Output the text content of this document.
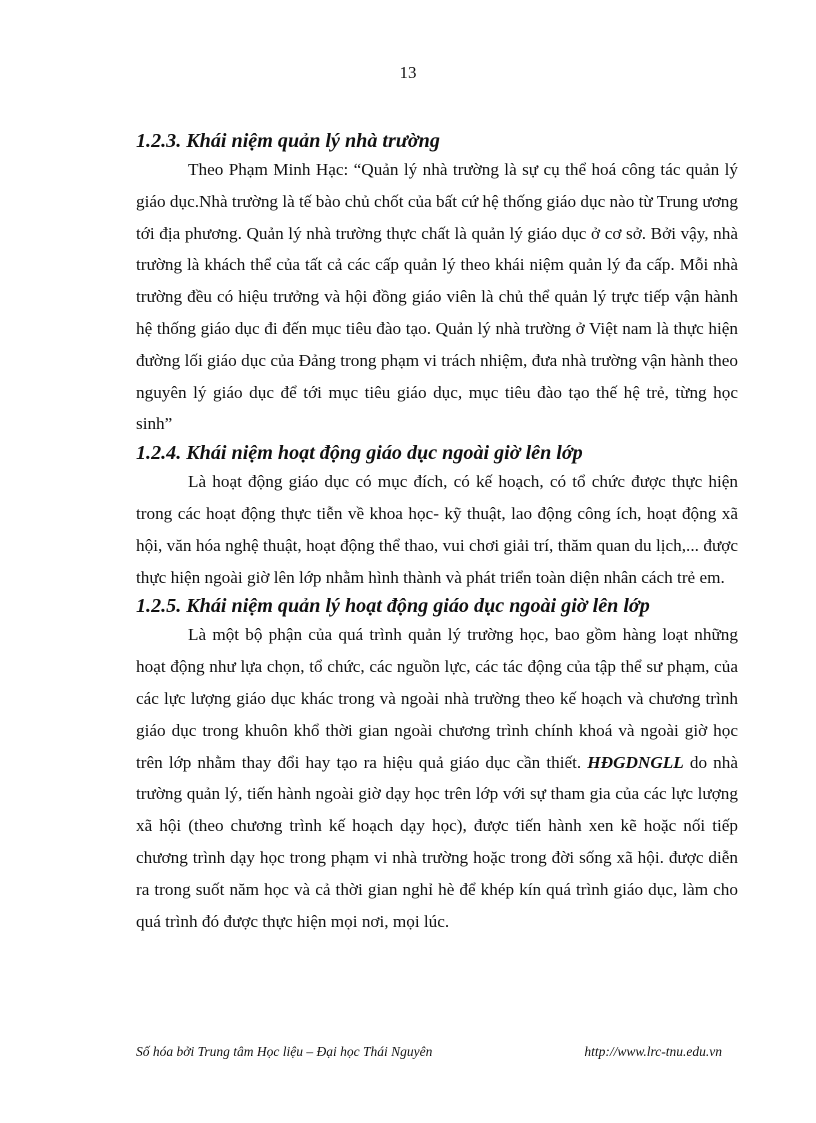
13
1.2.3. Khái niệm quản lý nhà trường

Theo Phạm Minh Hạc: “Quản lý nhà trường là sự cụ thể hoá công tác quản lý giáo dục.Nhà trường là tế bào chủ chốt của bất cứ hệ thống giáo dục nào từ Trung ương tới địa phương. Quản lý nhà trường thực chất là quản lý giáo dục ở cơ sở. Bởi vậy, nhà trường là khách thể của tất cả các cấp quản lý theo khái niệm quản lý đa cấp. Mỗi nhà trường đều có hiệu trưởng và hội đồng giáo viên là chủ thể quản lý trực tiếp vận hành hệ thống giáo dục đi đến mục tiêu đào tạo. Quản lý nhà trường ở Việt nam là thực hiện đường lối giáo dục của Đảng trong phạm vi trách nhiệm, đưa nhà trường vận hành theo nguyên lý giáo dục để tới mục tiêu giáo dục, mục tiêu đào tạo thế hệ trẻ, từng học sinh”

1.2.4. Khái niệm hoạt động giáo dục ngoài giờ lên lớp

Là hoạt động giáo dục có mục đích, có kế hoạch, có tổ chức được thực hiện trong các hoạt động thực tiễn về khoa học- kỹ thuật, lao động công ích, hoạt động xã hội, văn hóa nghệ thuật, hoạt động thể thao, vui chơi giải trí, thăm quan du lịch,... được thực hiện ngoài giờ lên lớp nhằm hình thành và phát triển toàn diện nhân cách trẻ em.

1.2.5. Khái niệm quản lý hoạt động giáo dục ngoài giờ lên lớp

Là một bộ phận của quá trình quản lý trường học, bao gồm hàng loạt những hoạt động như lựa chọn, tổ chức, các nguồn lực, các tác động của tập thể sư phạm, của các lực lượng giáo dục khác trong và ngoài nhà trường theo kế hoạch và chương trình giáo dục trong khuôn khổ thời gian ngoài chương trình chính khoá và ngoài giờ học trên lớp nhằm thay đổi hay tạo ra hiệu quả giáo dục cần thiết. HĐGDNGLL do nhà trường quản lý, tiến hành ngoài giờ dạy học trên lớp với sự tham gia của các lực lượng xã hội (theo chương trình kế hoạch dạy học), được tiến hành xen kẽ hoặc nối tiếp chương trình dạy học trong phạm vi nhà trường hoặc trong đời sống xã hội. được diễn ra trong suốt năm học và cả thời gian nghỉ hè để khép kín quá trình giáo dục, làm cho quá trình đó được thực hiện mọi nơi, mọi lúc.

Số hóa bởi Trung tâm Học liệu – Đại học Thái Nguyên	http://www.lrc-tnu.edu.vn
